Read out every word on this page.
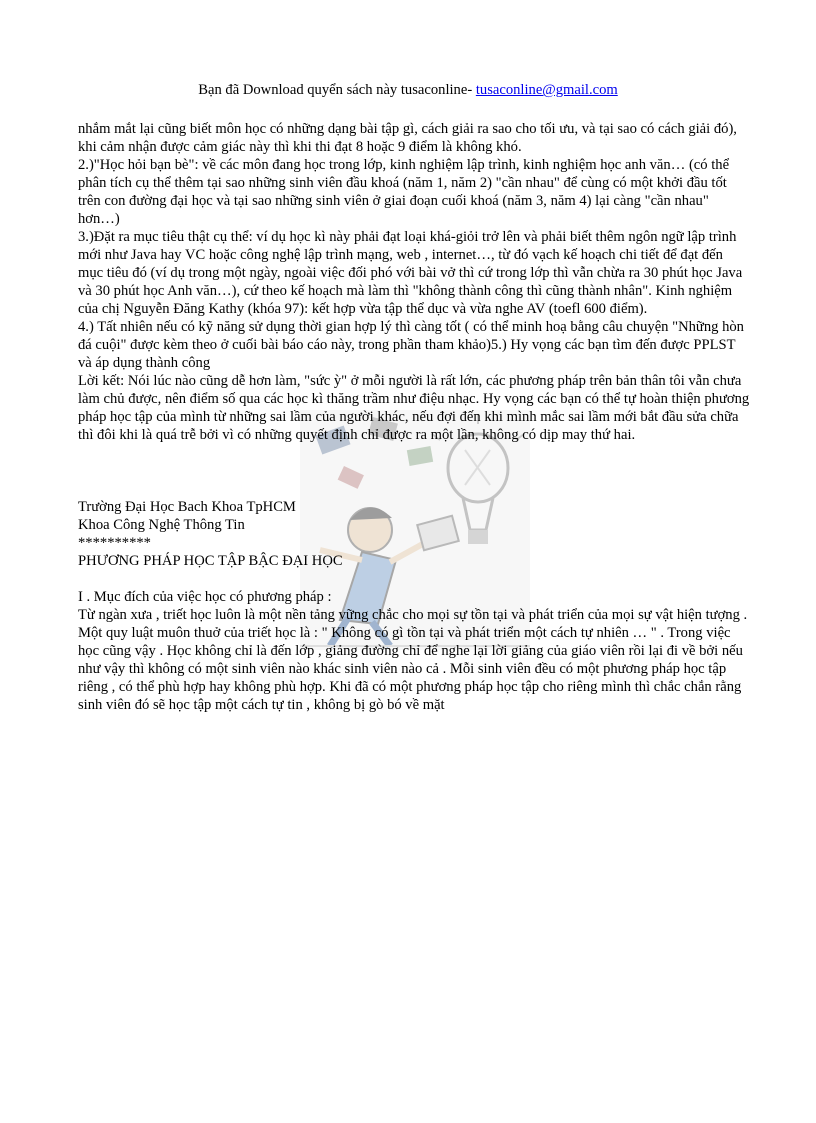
Bạn đã Download quyển sách này tusaconline- tusaconline@gmail.com

nhắm mắt lại cũng biết môn học có những dạng bài tập gì, cách giải ra sao cho tối ưu, và tại sao có cách giải đó), khi cảm nhận được cảm giác này thì khi thi đạt 8 hoặc 9 điểm là không khó.

2.)"Học hỏi bạn bè": về các môn đang học trong lớp, kinh nghiệm lập trình, kinh nghiệm học anh văn… (có thể phân tích cụ thể thêm tại sao những sinh viên đầu khoá (năm 1, năm 2) "cần nhau" để cùng có một khởi đầu tốt trên con đường đại học và tại sao những sinh viên ở giai đoạn cuối khoá (năm 3, năm 4) lại càng "cần nhau" hơn…)

3.)Đặt ra mục tiêu thật cụ thể: ví dụ học kì này phải đạt loại khá-giỏi trở lên và phải biết thêm ngôn ngữ lập trình mới như Java hay VC hoặc công nghệ lập trình mạng, web , internet…, từ đó vạch kế hoạch chi tiết để đạt đến mục tiêu đó (ví dụ trong một ngày, ngoài việc đối phó với bài vở thì cứ trong lớp thì vẫn chừa ra 30 phút học Java và 30 phút học Anh văn…), cứ theo kế hoạch mà làm thì "không thành công thì cũng thành nhân". Kinh nghiệm của chị Nguyễn Đăng Kathy (khóa 97): kết hợp vừa tập thể dục và vừa nghe AV (toefl 600 điểm).

4.) Tất nhiên nếu có kỹ năng sử dụng thời gian hợp lý thì càng tốt ( có thể minh hoạ bằng câu chuyện "Những hòn đá cuội" được kèm theo ở cuối bài báo cáo này, trong phần tham khảo)5.) Hy vọng các bạn tìm đến được PPLST và áp dụng thành công

Lời kết: Nói lúc nào cũng dễ hơn làm, "sức ỳ" ở mỗi người là rất lớn, các phương pháp trên bản thân tôi vẫn chưa làm chủ được, nên điểm số qua các học kì thăng trầm như điệu nhạc. Hy vọng các bạn có thể tự hoàn thiện phương pháp học tập của mình từ những sai lầm của người khác, nếu đợi đến khi mình mắc sai lầm mới bắt đầu sửa chữa thì đôi khi là quá trễ bởi vì có những quyết định chỉ được ra một lần, không có dịp may thứ hai.

Trường Đại Học Bach Khoa TpHCM

Khoa Công Nghệ Thông Tin

**********

PHƯƠNG PHÁP HỌC TẬP BẬC ĐẠI HỌC

I . Mục đích của việc học có phương pháp :

Từ ngàn xưa , triết học luôn là một nền tảng vững chắc cho mọi sự tồn tại và phát triển của mọi sự vật hiện tượng . Một quy luật muôn thuở của triết học là : " Không có gì tồn tại và phát triển một cách tự nhiên … " . Trong việc học cũng vậy . Học không chỉ là đến lớp , giảng đường chỉ để nghe lại lời giảng của giáo viên rồi lại đi về bởi nếu như vậy thì không có một sinh viên nào khác sinh viên nào cả . Mỗi sinh viên đều có một phương pháp học tập riêng , có thể phù hợp hay không phù hợp. Khi đã có một phương pháp học tập cho riêng mình thì chắc chắn rằng sinh viên đó sẽ học tập một cách tự tin , không bị gò bó về mặt
